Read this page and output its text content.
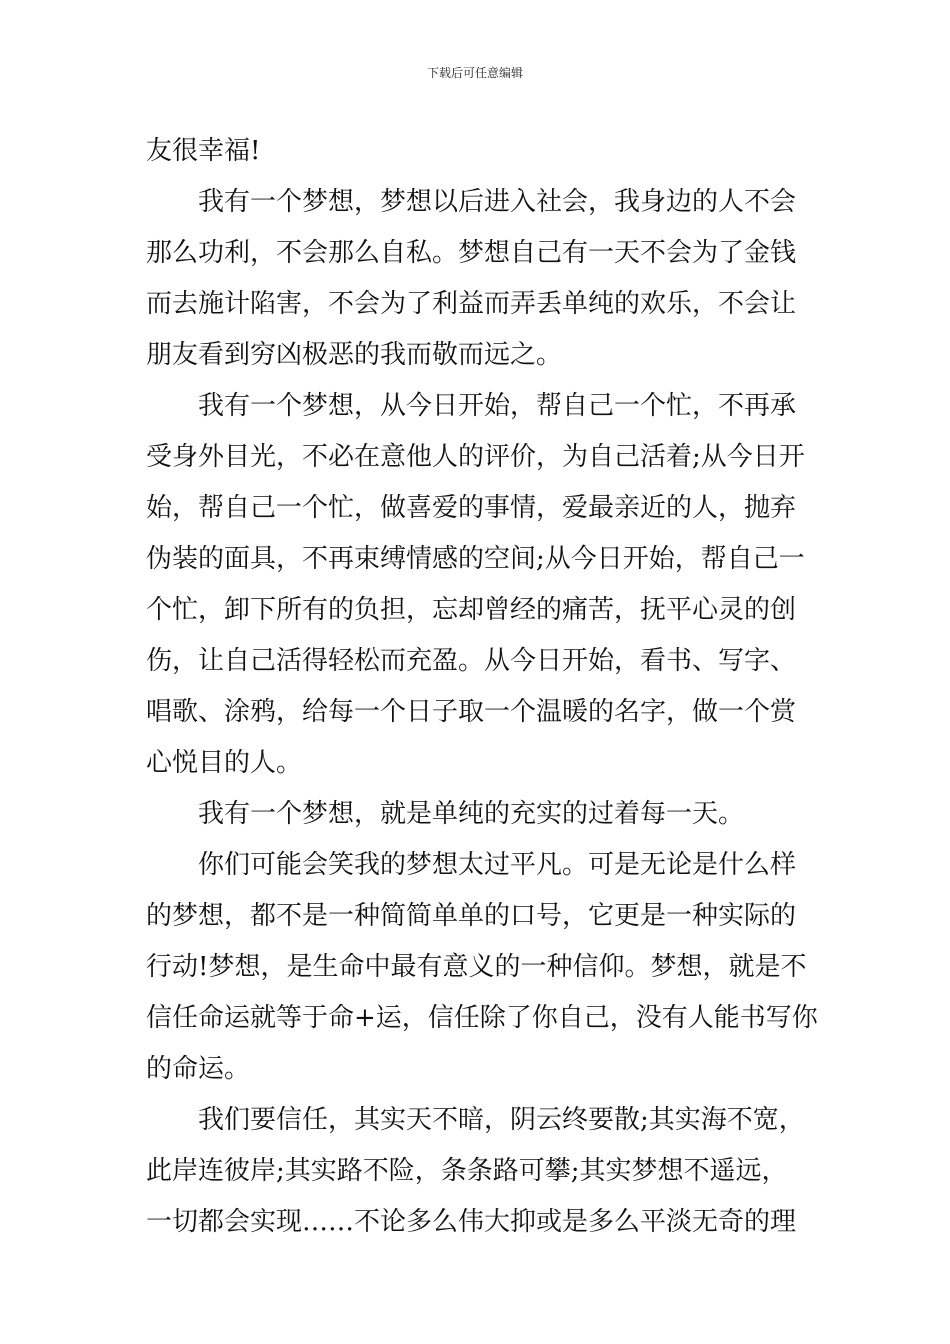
下载后可任意编辑
友很幸福!
我有一个梦想，梦想以后进入社会，我身边的人不会
那么功利，不会那么自私。梦想自己有一天不会为了金钱
而去施计陷害，不会为了利益而弄丢单纯的欢乐，不会让
朋友看到穷凶极恶的我而敬而远之。
我有一个梦想，从今日开始，帮自己一个忙，不再承
受身外目光，不必在意他人的评价，为自己活着;从今日开
始，帮自己一个忙，做喜爱的事情，爱最亲近的人，抛弃
伪装的面具，不再束缚情感的空间;从今日开始，帮自己一
个忙，卸下所有的负担，忘却曾经的痛苦，抚平心灵的创
伤，让自己活得轻松而充盈。从今日开始，看书、写字、
唱歌、涂鸦，给每一个日子取一个温暖的名字，做一个赏
心悦目的人。
我有一个梦想，就是单纯的充实的过着每一天。
你们可能会笑我的梦想太过平凡。可是无论是什么样
的梦想，都不是一种简简单单的口号，它更是一种实际的
行动!梦想，是生命中最有意义的一种信仰。梦想，就是不
信任命运就等于命+运，信任除了你自己，没有人能书写你
的命运。
我们要信任，其实天不暗，阴云终要散;其实海不宽，
此岸连彼岸;其实路不险，条条路可攀;其实梦想不遥远，
一切都会实现……不论多么伟大抑或是多么平淡无奇的理
